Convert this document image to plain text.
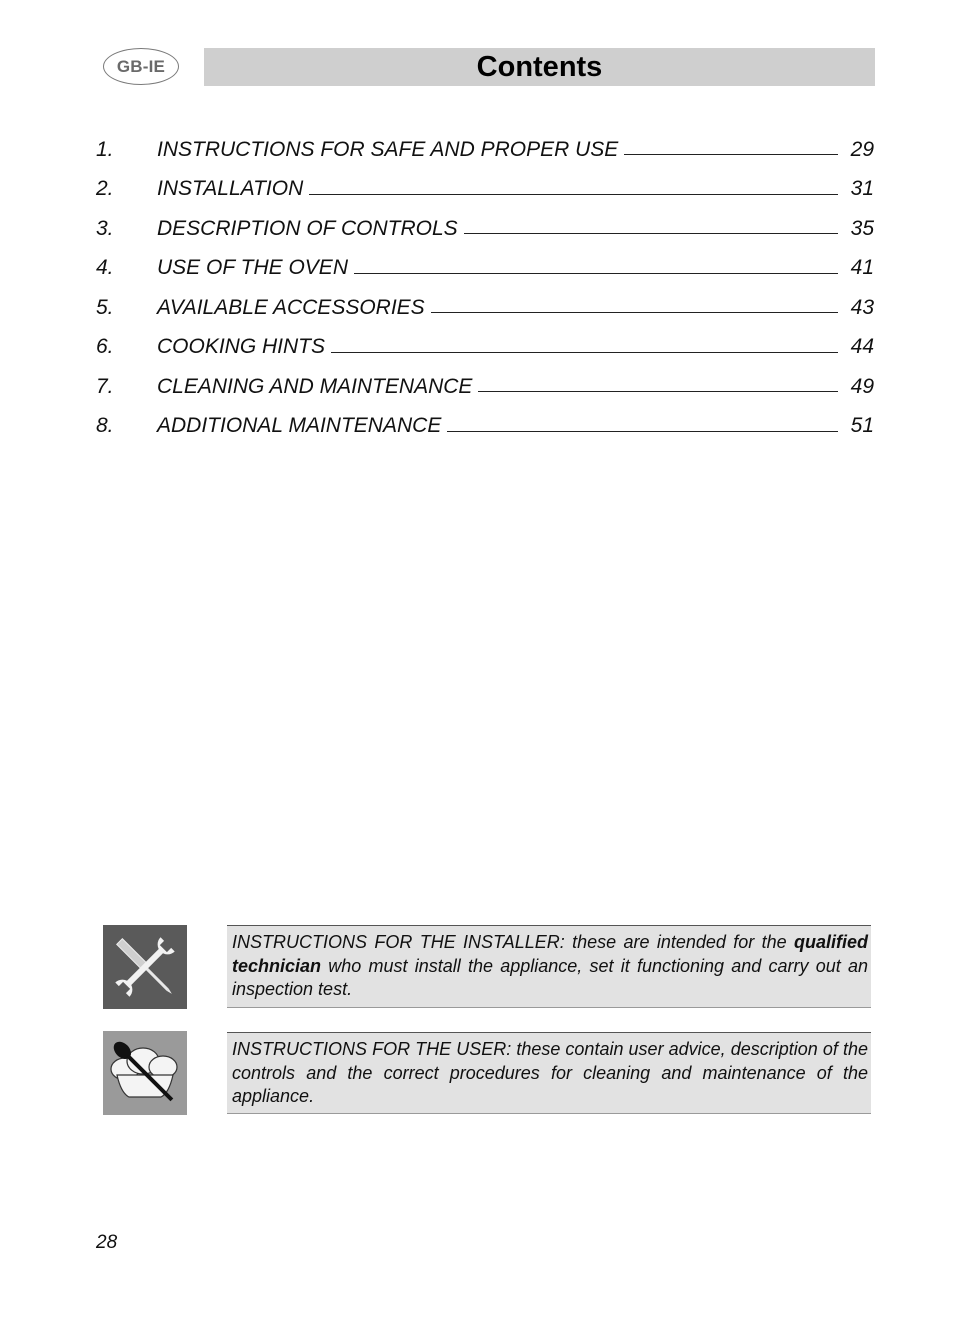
GB-IE	Contents
1.	INSTRUCTIONS FOR SAFE AND PROPER USE	29
2.	INSTALLATION	31
3.	DESCRIPTION OF CONTROLS	35
4.	USE OF THE OVEN	41
5.	AVAILABLE ACCESSORIES	43
6.	COOKING HINTS	44
7.	CLEANING AND MAINTENANCE	49
8.	ADDITIONAL MAINTENANCE	51
INSTRUCTIONS FOR THE INSTALLER: these are intended for the qualified technician who must install the appliance, set it functioning and carry out an inspection test.
INSTRUCTIONS FOR THE USER: these contain user advice, description of the controls and the correct procedures for cleaning and maintenance of the appliance.
28
